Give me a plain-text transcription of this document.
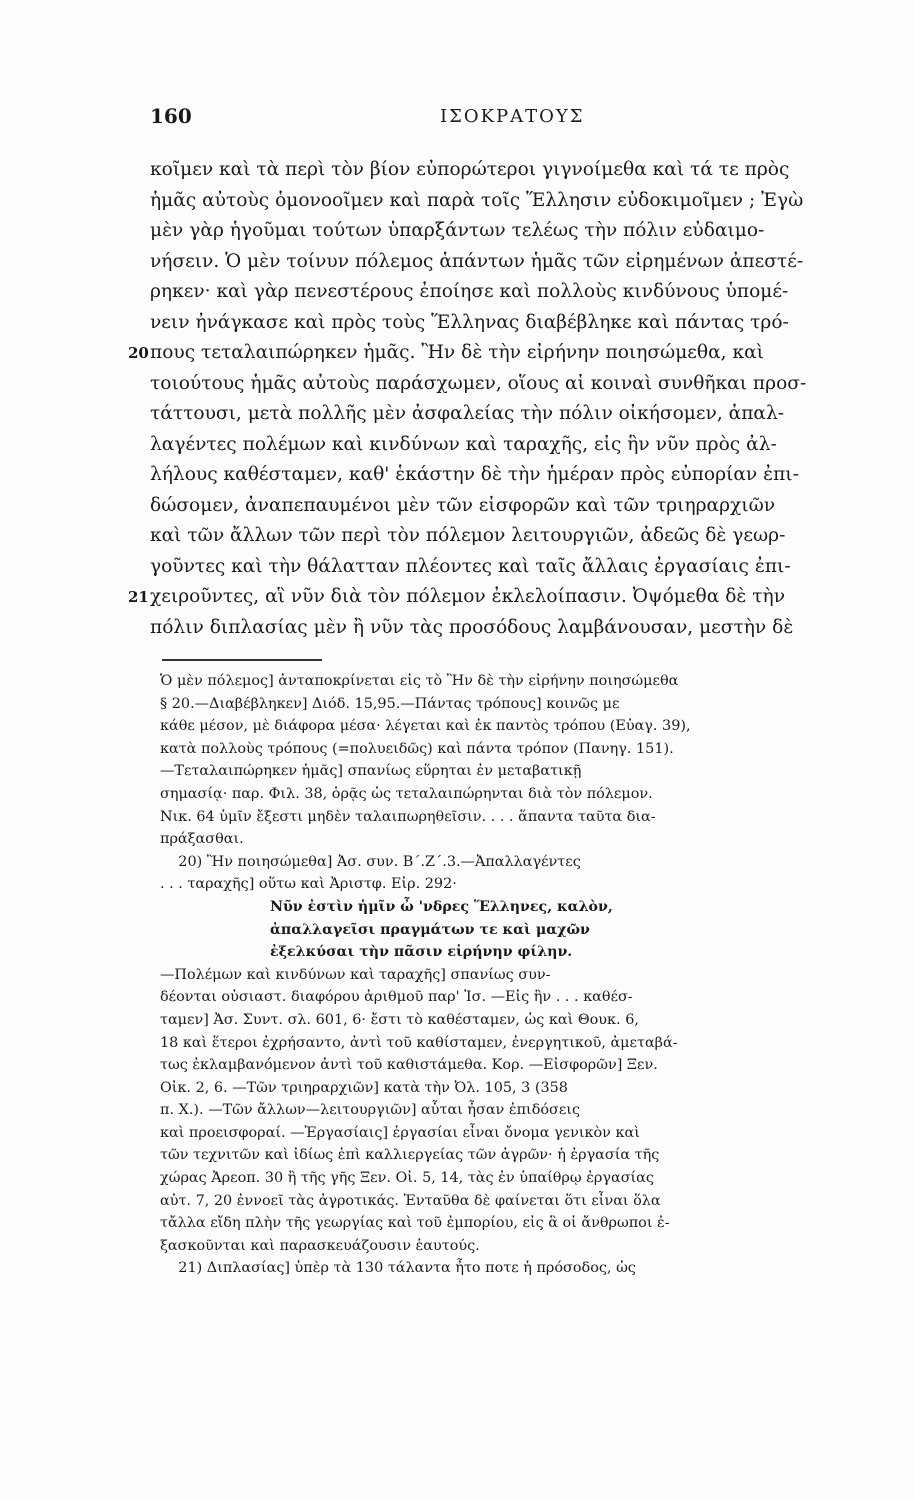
160	ΙΣΟΚΡΑΤΟΥΣ
κοῖμεν καὶ τὰ περὶ τὸν βίον εὐπορώτεροι γιγνοίμεθα καὶ τά τε πρὸς
ἡμᾶς αὐτοὺς ὁμονοοῖμεν καὶ παρὰ τοῖς Ἕλλησιν εὐδοκιμοῖμεν ; Ἐγὼ
μὲν γὰρ ἡγοῦμαι τούτων ὑπαρξάντων τελέως τὴν πόλιν εὐδαιμο-
νήσειν. Ὁ μὲν τοίνυν πόλεμος ἁπάντων ἡμᾶς τῶν εἰρημένων ἀπεστέ-
ρηκεν· καὶ γὰρ πενεστέρους ἐποίησε καὶ πολλοὺς κινδύνους ὑπομέ-
νειν ἠνάγκασε καὶ πρὸς τοὺς Ἕλληνας διαβέβληκε καὶ πάντας τρό-
20 πους τεταλαιπώρηκεν ἡμᾶς. Ἢν δὲ τὴν εἰρήνην ποιησώμεθα, καὶ
τοιούτους ἡμᾶς αὐτοὺς παράσχωμεν, οἵους αἱ κοιναὶ συνθῆκαι προσ-
τάττουσι, μετὰ πολλῆς μὲν ἀσφαλείας τὴν πόλιν οἰκήσομεν, ἀπαλ-
λαγέντες πολέμων καὶ κινδύνων καὶ ταραχῆς, εἰς ἣν νῦν πρὸς ἀλ-
λήλους καθέσταμεν, καθ' ἑκάστην δὲ τὴν ἡμέραν πρὸς εὐπορίαν ἐπι-
δώσομεν, ἀναπεπαυμένοι μὲν τῶν εἰσφορῶν καὶ τῶν τριηραρχιῶν
καὶ τῶν ἄλλων τῶν περὶ τὸν πόλεμον λειτουργιῶν, ἀδεῶς δὲ γεωρ-
γοῦντες καὶ τὴν θάλατταν πλέοντες καὶ ταῖς ἄλλαις ἐργασίαις ἐπι-
21 χειροῦντες, αἳ νῦν διὰ τὸν πόλεμον ἐκλελοίπασιν. Ὀψόμεθα δὲ τὴν
πόλιν διπλασίας μὲν ἢ νῦν τὰς προσόδους λαμβάνουσαν, μεστὴν δὲ
Ὁ μὲν πόλεμος] ἀνταποκρίνεται εἰς τὸ Ἢν δὲ τὴν εἰρήνην ποιησώμεθα
§ 20.—Διαβέβληκεν] Διόδ. 15,95.—Πάντας τρόπους] κοινῶς με
κάθε μέσον, μὲ διάφορα μέσα· λέγεται καὶ ἐκ παντὸς τρόπου (Εὐαγ. 39),
κατὰ πολλοὺς τρόπους (=πολυειδῶς) καὶ πάντα τρόπον (Πανηγ. 151).
—Τεταλαιπώρηκεν ἡμᾶς] σπανίως εὕρηται ἐν μεταβατικῇ
σημασίᾳ· παρ. Φιλ. 38, ὁρᾷς ὡς τεταλαιπώρηνται διὰ τὸν πόλεμον.
Νικ. 64 ὑμῖν ἔξεστι μηδὲν ταλαιπωρηθεῖσιν. . . . ἅπαντα ταῦτα δια-
πράξασθαι.
20) Ἢν ποιησώμεθα] Ἀσ. συν. Β΄.Ζ΄.3.—Ἀπαλλαγέντες
. . . ταραχῆς] οὕτω καὶ Ἀριστφ. Εἰρ. 292·
Νῦν ἐστὶν ἡμῖν ὦ 'νδρες Ἕλληνες, καλὸν,
ἀπαλλαγεῖσι πραγμάτων τε καὶ μαχῶν
ἐξελκύσαι τὴν πᾶσιν εἰρήνην φίλην.
—Πολέμων καὶ κινδύνων καὶ ταραχῆς] σπανίως συν-
δέονται οὐσιαστ. διαφόρου ἀριθμοῦ παρ' Ἰσ. —Εἰς ἣν . . . καθέσ-
ταμεν] Ἀσ. Συντ. σλ. 601, 6· ἔστι τὸ καθέσταμεν, ὡς καὶ Θουκ. 6,
18 καὶ ἕτεροι ἐχρήσαντο, ἀντὶ τοῦ καθίσταμεν, ἐνεργητικοῦ, ἀμεταβά-
τως ἐκλαμβανόμενον ἀντὶ τοῦ καθιστάμεθα. Κορ. —Εἰσφορῶν] Ξεν.
Οἰκ. 2, 6. —Τῶν τριηραρχιῶν] κατὰ τὴν Ὀλ. 105, 3 (358
π. Χ.). —Τῶν ἄλλων—λειτουργιῶν] αὗται ἦσαν ἐπιδόσεις
καὶ προεισφοραί. —Ἐργασίαις] ἐργασίαι εἶναι ὄνομα γενικὸν καὶ
τῶν τεχνιτῶν καὶ ἰδίως ἐπὶ καλλιεργείας τῶν ἀγρῶν· ἡ ἐργασία τῆς
χώρας Ἀρεοπ. 30 ἢ τῆς γῆς Ξεν. Οἰ. 5, 14, τὰς ἐν ὑπαίθρῳ ἐργασίας
αὐτ. 7, 20 ἐννοεῖ τὰς ἀγροτικάς. Ἐνταῦθα δὲ φαίνεται ὅτι εἶναι ὅλα
τἄλλα εἴδη πλὴν τῆς γεωργίας καὶ τοῦ ἐμπορίου, εἰς ἃ οἱ ἄνθρωποι ἐ-
ξασκοῦνται καὶ παρασκευάζουσιν ἑαυτούς.
21) Διπλασίας] ὑπὲρ τὰ 130 τάλαντα ἦτο ποτε ἡ πρόσοδος, ὡς
